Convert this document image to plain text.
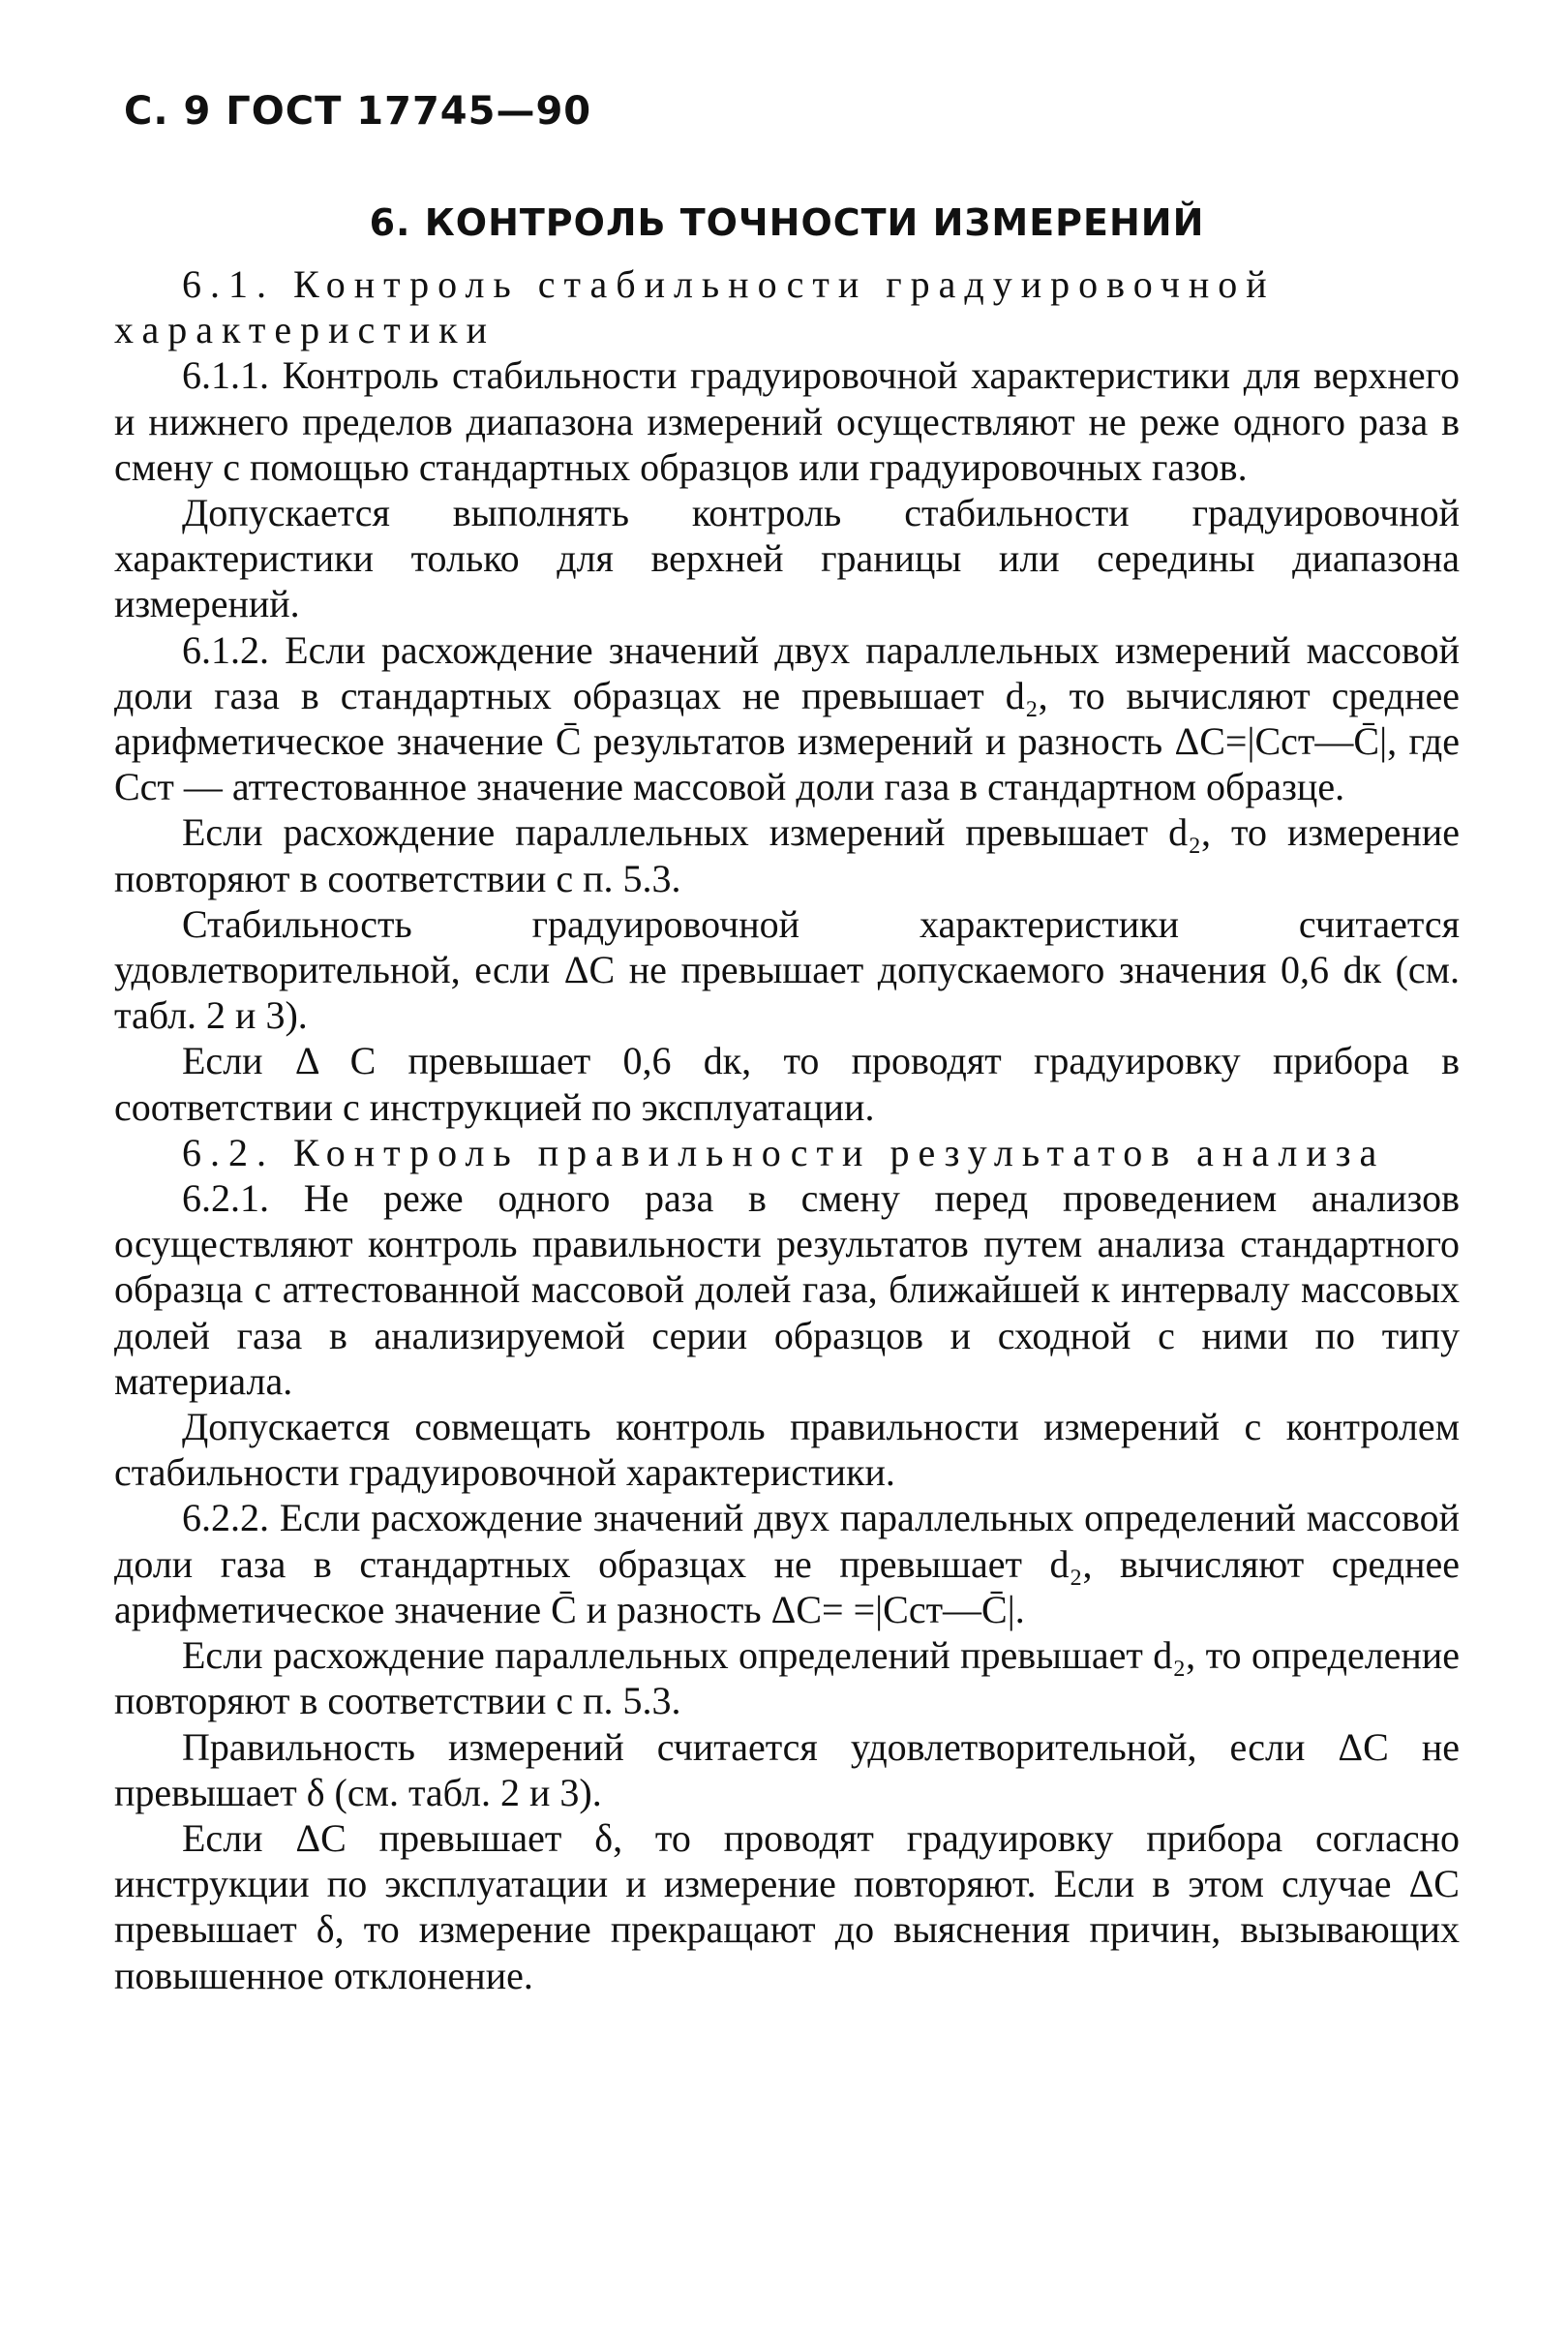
С. 9 ГОСТ 17745—90
6. КОНТРОЛЬ ТОЧНОСТИ ИЗМЕРЕНИЙ

6.1. Контроль стабильности градуировочной характеристики

6.1.1. Контроль стабильности градуировочной характеристики для верхнего и нижнего пределов диапазона измерений осуществляют не реже одного раза в смену с помощью стандартных образцов или градуировочных газов.

Допускается выполнять контроль стабильности градуировочной характеристики только для верхней границы или середины диапазона измерений.

6.1.2. Если расхождение значений двух параллельных измерений массовой доли газа в стандартных образцах не превышает d₂, то вычисляют среднее арифметическое значение C̄ результатов измерений и разность ΔC=|Cст—C̄|, где Cст — аттестованное значение массовой доли газа в стандартном образце.

Если расхождение параллельных измерений превышает d₂, то измерение повторяют в соответствии с п. 5.3.

Стабильность градуировочной характеристики считается удовлетворительной, если ΔC не превышает допускаемого значения 0,6 dк (см. табл. 2 и 3).

Если Δ C превышает 0,6 dк, то проводят градуировку прибора в соответствии с инструкцией по эксплуатации.

6.2. Контроль правильности результатов анализа

6.2.1. Не реже одного раза в смену перед проведением анализов осуществляют контроль правильности результатов путем анализа стандартного образца с аттестованной массовой долей газа, ближайшей к интервалу массовых долей газа в анализируемой серии образцов и сходной с ними по типу материала.

Допускается совмещать контроль правильности измерений с контролем стабильности градуировочной характеристики.

6.2.2. Если расхождение значений двух параллельных определений массовой доли газа в стандартных образцах не превышает d₂, вычисляют среднее арифметическое значение C̄ и разность ΔC= =|Cст—C̄|.

Если расхождение параллельных определений превышает d₂, то определение повторяют в соответствии с п. 5.3.

Правильность измерений считается удовлетворительной, если ΔC не превышает δ (см. табл. 2 и 3).

Если ΔC превышает δ, то проводят градуировку прибора согласно инструкции по эксплуатации и измерение повторяют. Если в этом случае ΔC превышает δ, то измерение прекращают до выяснения причин, вызывающих повышенное отклонение.
